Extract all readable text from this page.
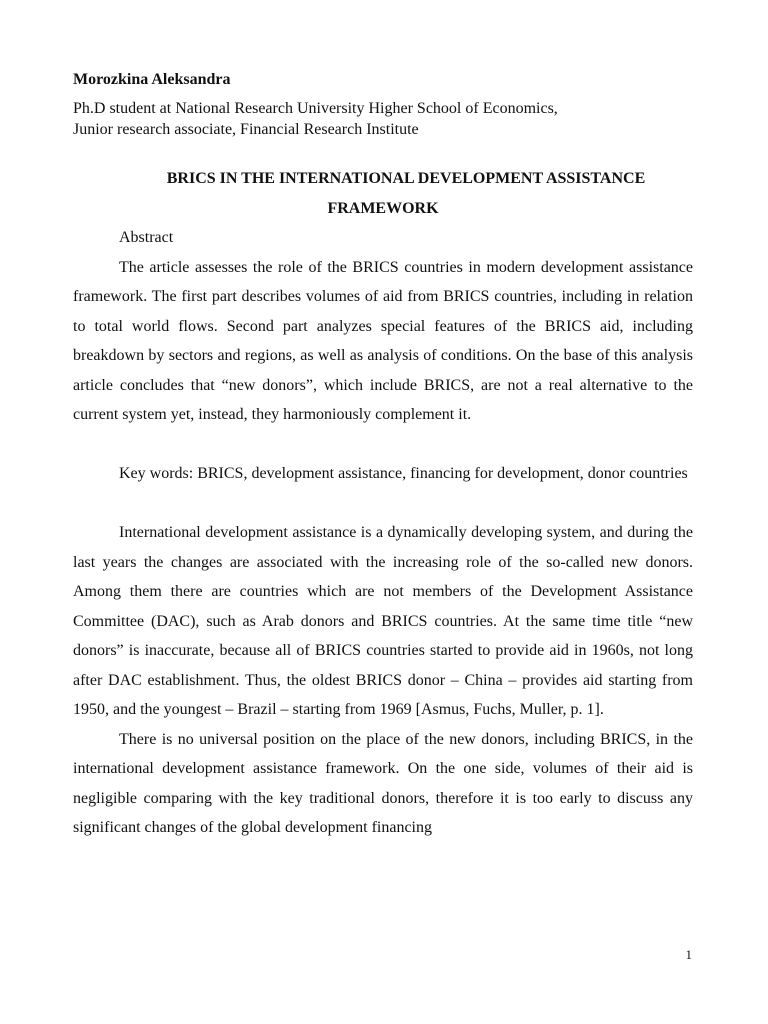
Morozkina Aleksandra

Ph.D student at National Research University Higher School of Economics,
Junior research associate, Financial Research Institute
BRICS IN THE INTERNATIONAL DEVELOPMENT ASSISTANCE
FRAMEWORK

Abstract

The article assesses the role of the BRICS countries in modern development assistance framework. The first part describes volumes of aid from BRICS countries, including in relation to total world flows. Second part analyzes special features of the BRICS aid, including breakdown by sectors and regions, as well as analysis of conditions. On the base of this analysis article concludes that “new donors”, which include BRICS, are not a real alternative to the current system yet, instead, they harmoniously complement it.

Key words: BRICS, development assistance, financing for development, donor countries

International development assistance is a dynamically developing system, and during the last years the changes are associated with the increasing role of the so-called new donors. Among them there are countries which are not members of the Development Assistance Committee (DAC), such as Arab donors and BRICS countries. At the same time title “new donors” is inaccurate, because all of BRICS countries started to provide aid in 1960s, not long after DAC establishment. Thus, the oldest BRICS donor – China – provides aid starting from 1950, and the youngest – Brazil – starting from 1969 [Asmus, Fuchs, Muller, p. 1].

There is no universal position on the place of the new donors, including BRICS, in the international development assistance framework. On the one side, volumes of their aid is negligible comparing with the key traditional donors, therefore it is too early to discuss any significant changes of the global development financing

1
